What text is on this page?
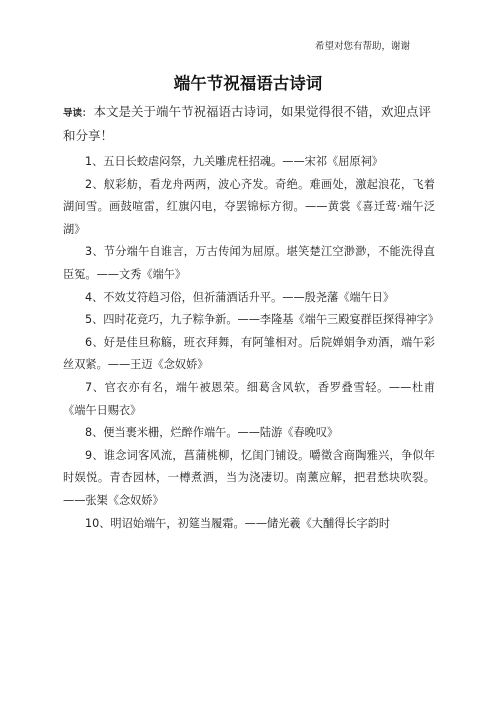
希望对您有帮助，谢谢
端午节祝福语古诗词
导读： 本文是关于端午节祝福语古诗词，如果觉得很不错，欢迎点评和分享！

1、五日长蛟虐闷祭，九关雕虎枉招魂。——宋祁《屈原祠》

2、舣彩舫，看龙舟两两，波心齐发。奇绝。难画处，激起浪花，飞着湖间雪。画鼓喧雷，红旗闪电，夺罢锦标方彻。——黄裳《喜迁莺·端午泛湖》

3、节分端午自谁言，万古传闻为屈原。堪笑楚江空渺渺，不能洗得直臣冤。——文秀《端午》

4、不效艾符趋习俗，但祈蒲酒话升平。——殷尧藩《端午日》

5、四时花竞巧，九子粽争新。——李隆基《端午三殿宴群臣探得神字》

6、好是佳旦称觞，班衣拜舞，有阿雏相对。后院婵娟争劝酒，端午彩丝双紧。——王迈《念奴娇》

7、官衣亦有名，端午被恩荣。细葛含风软，香罗叠雪轻。——杜甫《端午日赐衣》

8、便当裹米栅，烂醉作端午。——陆游《春晚叹》

9、谁念词客风流，菖蒲桃柳，忆闺门铺设。嚼徵含商陶雅兴，争似年时娱悦。青杏园林，一樽煮酒，当为浇凄切。南薰应解，把君愁块吹裂。——张榘《念奴娇》

10、明诏始端午，初筵当履霜。——储光羲《大酺得长字韵时
